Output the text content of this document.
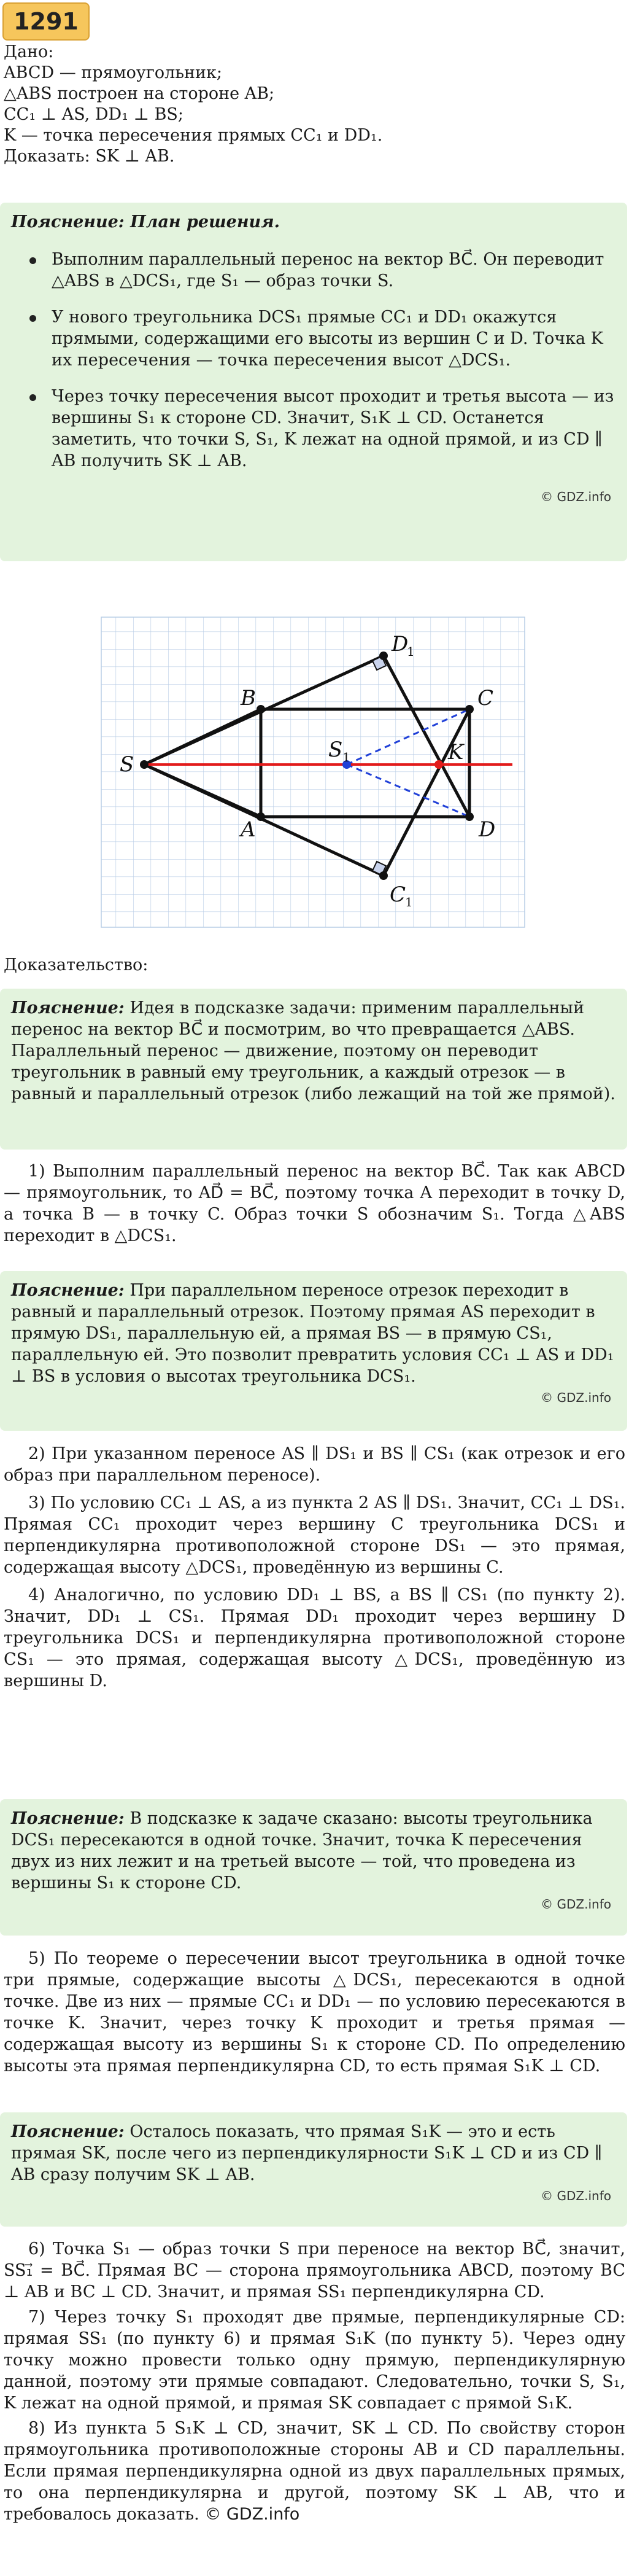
1291

Дано:

ABCD — прямоугольник;

△ABS построен на стороне AB;

CC₁ ⊥ AS, DD₁ ⊥ BS;

K — точка пересечения прямых CC₁ и DD₁.

Доказать: SK ⊥ AB.

Пояснение: План решения.

Выполним параллельный перенос на вектор BC⃗. Он переводит △ABS в △DCS₁, где S₁ — образ точки S.

У нового треугольника DCS₁ прямые CC₁ и DD₁ окажутся прямыми, содержащими его высоты из вершин C и D. Точка K их пересечения — точка пересечения высот △DCS₁.

Через точку пересечения высот проходит и третья высота — из вершины S₁ к стороне CD. Значит, S₁K ⊥ CD. Останется заметить, что точки S, S₁, K лежат на одной прямой, и из CD ∥ AB получить SK ⊥ AB.

© GDZ.info
S
A
B	C
D
K
S
C
D
1
1
1
Доказательство:

Пояснение: Идея в подсказке задачи: применим параллельный перенос на вектор BC⃗ и посмотрим, во что превращается △ABS. Параллельный перенос — движение, поэтому он переводит треугольник в равный ему треугольник, а каждый отрезок — в равный и параллельный отрезок (либо лежащий на той же прямой).

1) Выполним параллельный перенос на вектор BC⃗. Так как ABCD — прямоугольник, то AD⃗ = BC⃗, поэтому точка A переходит в точку D, а точка B — в точку C. Образ точки S обозначим S₁. Тогда △ABS переходит в △DCS₁.

Пояснение: При параллельном переносе отрезок переходит в равный и параллельный отрезок. Поэтому прямая AS переходит в прямую DS₁, параллельную ей, а прямая BS — в прямую CS₁, параллельную ей. Это позволит превратить условия CC₁ ⊥ AS и DD₁ ⊥ BS в условия о высотах треугольника DCS₁.

© GDZ.info

2) При указанном переносе AS ∥ DS₁ и BS ∥ CS₁ (как отрезок и его образ при параллельном переносе).

3) По условию CC₁ ⊥ AS, а из пункта 2 AS ∥ DS₁. Значит, CC₁ ⊥ DS₁. Прямая CC₁ проходит через вершину C треугольника DCS₁ и перпендикулярна противоположной стороне DS₁ — это прямая, содержащая высоту △DCS₁, проведённую из вершины C.

4) Аналогично, по условию DD₁ ⊥ BS, а BS ∥ CS₁ (по пункту 2). Значит, DD₁ ⊥ CS₁. Прямая DD₁ проходит через вершину D треугольника DCS₁ и перпендикулярна противоположной стороне CS₁ — это прямая, содержащая высоту △DCS₁, проведённую из вершины D.

Пояснение: В подсказке к задаче сказано: высоты треугольника DCS₁ пересекаются в одной точке. Значит, точка K пересечения двух из них лежит и на третьей высоте — той, что проведена из вершины S₁ к стороне CD.

© GDZ.info

5) По теореме о пересечении высот треугольника в одной точке три прямые, содержащие высоты △DCS₁, пересекаются в одной точке. Две из них — прямые CC₁ и DD₁ — по условию пересекаются в точке K. Значит, через точку K проходит и третья прямая — содержащая высоту из вершины S₁ к стороне CD. По определению высоты эта прямая перпендикулярна CD, то есть прямая S₁K ⊥ CD.

Пояснение: Осталось показать, что прямая S₁K — это и есть прямая SK, после чего из перпендикулярности S₁K ⊥ CD и из CD ∥ AB сразу получим SK ⊥ AB.

© GDZ.info

6) Точка S₁ — образ точки S при переносе на вектор BC⃗, значит, SS₁⃗ = BC⃗. Прямая BC — сторона прямоугольника ABCD, поэтому BC ⊥ AB и BC ⊥ CD. Значит, и прямая SS₁ перпендикулярна CD.

7) Через точку S₁ проходят две прямые, перпендикулярные CD: прямая SS₁ (по пункту 6) и прямая S₁K (по пункту 5). Через одну точку можно провести только одну прямую, перпендикулярную данной, поэтому эти прямые совпадают. Следовательно, точки S, S₁, K лежат на одной прямой, и прямая SK совпадает с прямой S₁K.

8) Из пункта 5 S₁K ⊥ CD, значит, SK ⊥ CD. По свойству сторон прямоугольника противоположные стороны AB и CD параллельны. Если прямая перпендикулярна одной из двух параллельных прямых, то она перпендикулярна и другой, поэтому SK ⊥ AB, что и требовалось доказать. © GDZ.info
